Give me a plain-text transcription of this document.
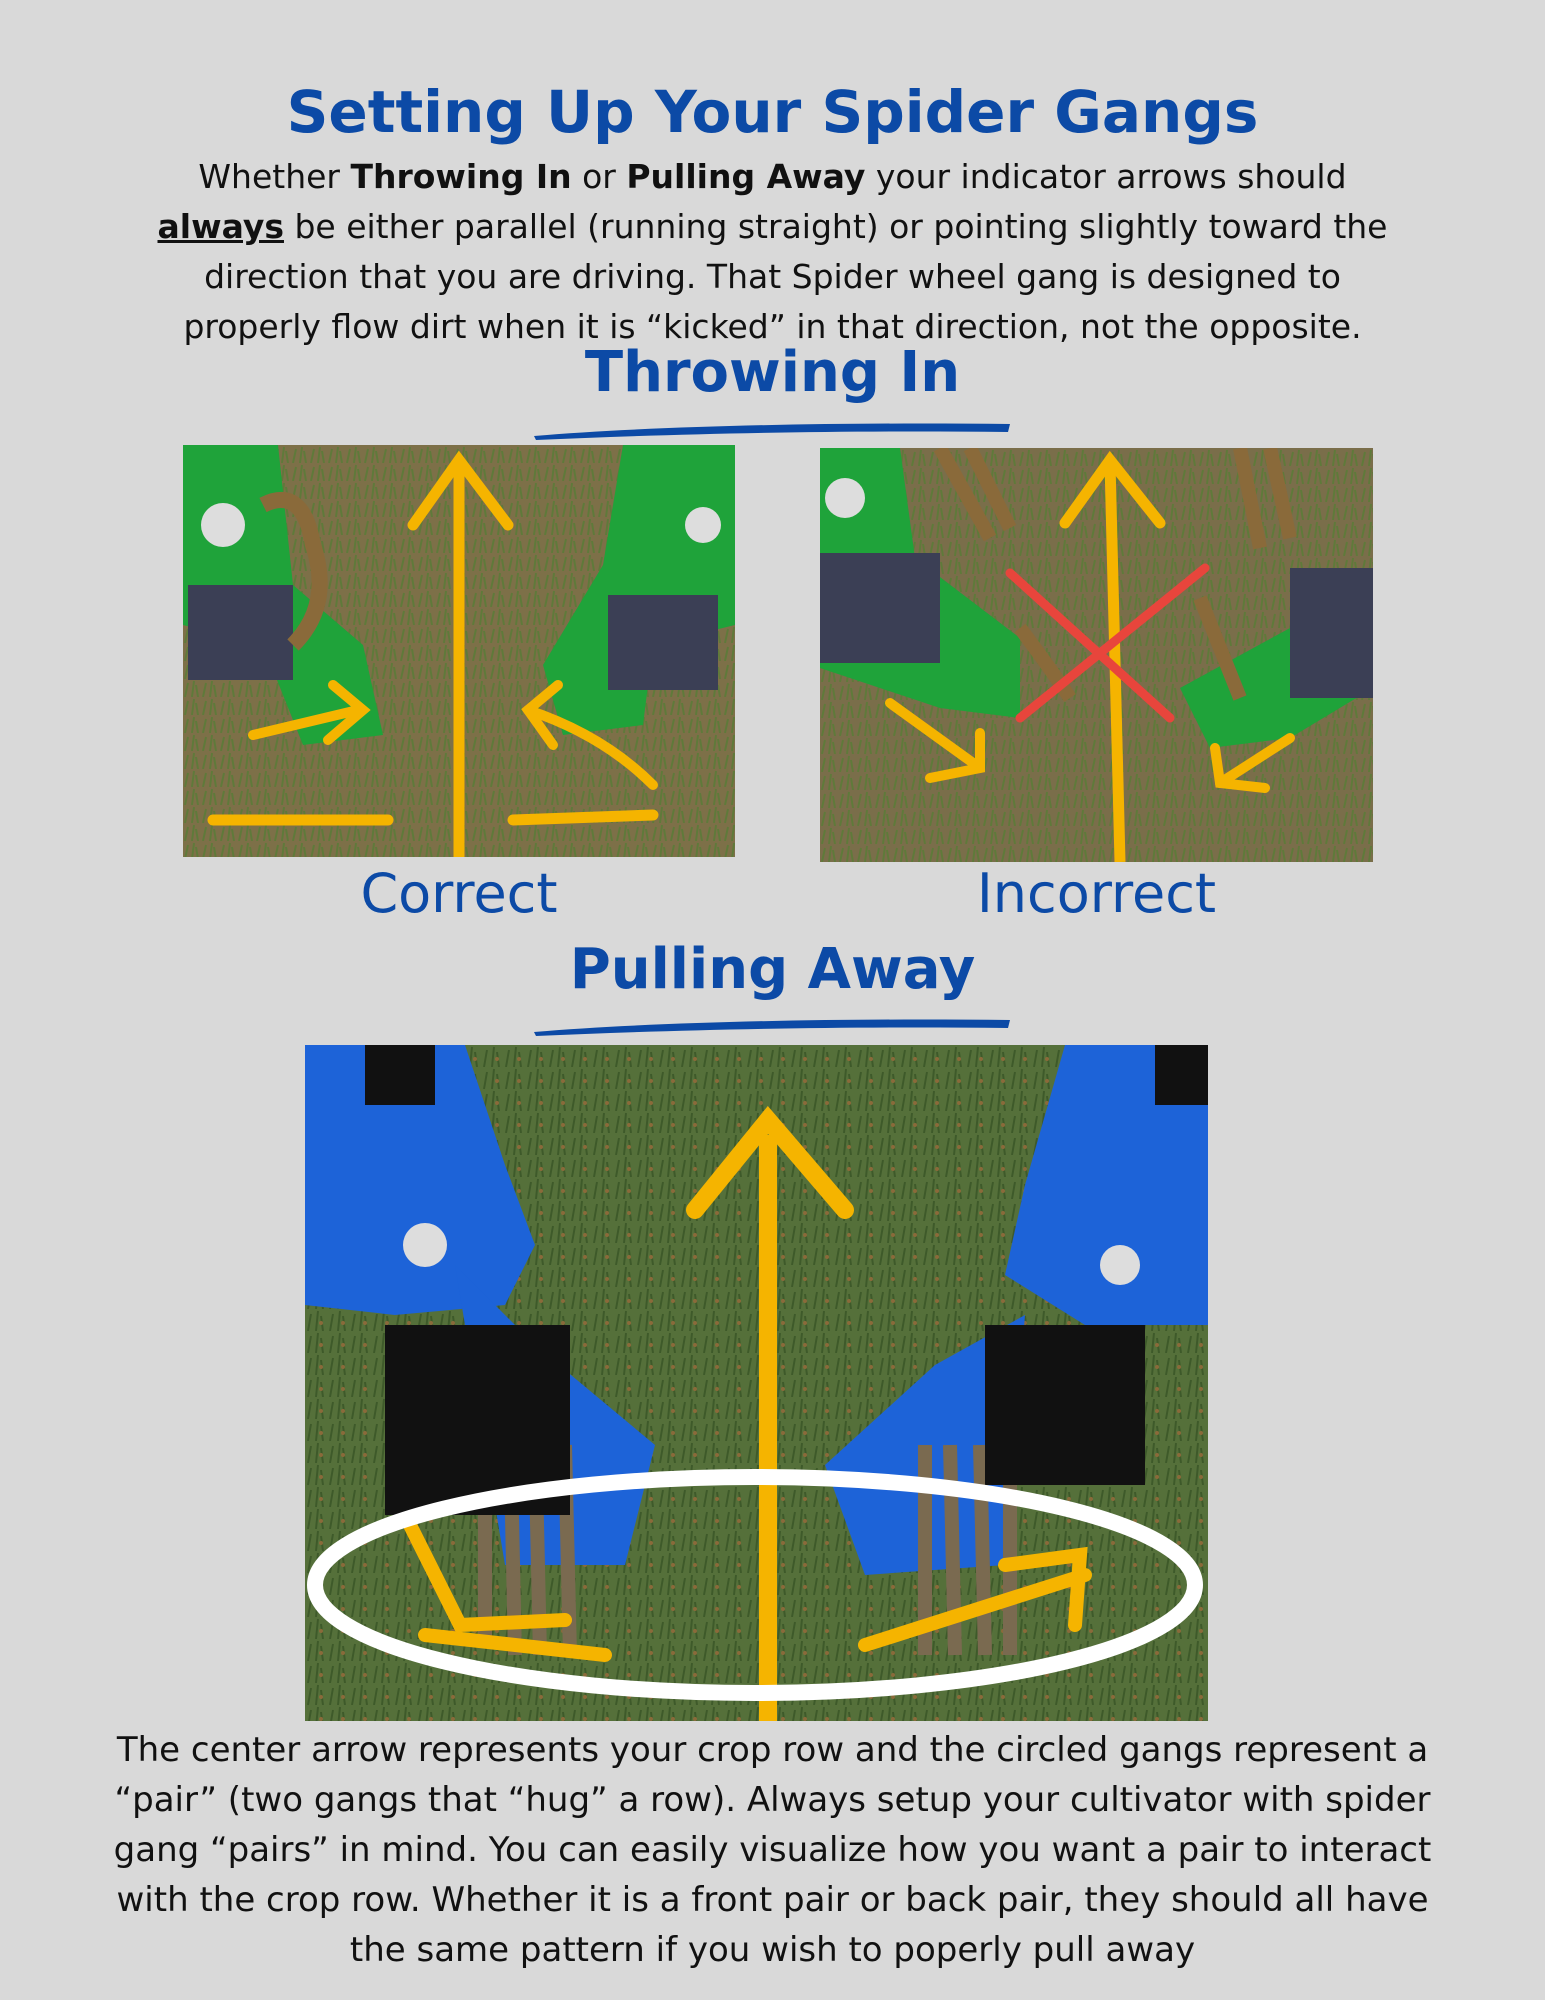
Setting Up Your Spider Gangs

Whether Throwing In or Pulling Away your indicator arrows should always be either parallel (running straight) or pointing slightly toward the direction that you are driving. That Spider wheel gang is designed to properly flow dirt when it is “kicked” in that direction, not the opposite.

Throwing In

Correct	Incorrect

Pulling Away

The center arrow represents your crop row and the circled gangs represent a “pair” (two gangs that “hug” a row). Always setup your cultivator with spider gang “pairs” in mind. You can easily visualize how you want a pair to interact with the crop row. Whether it is a front pair or back pair, they should all have the same pattern if you wish to poperly pull away
